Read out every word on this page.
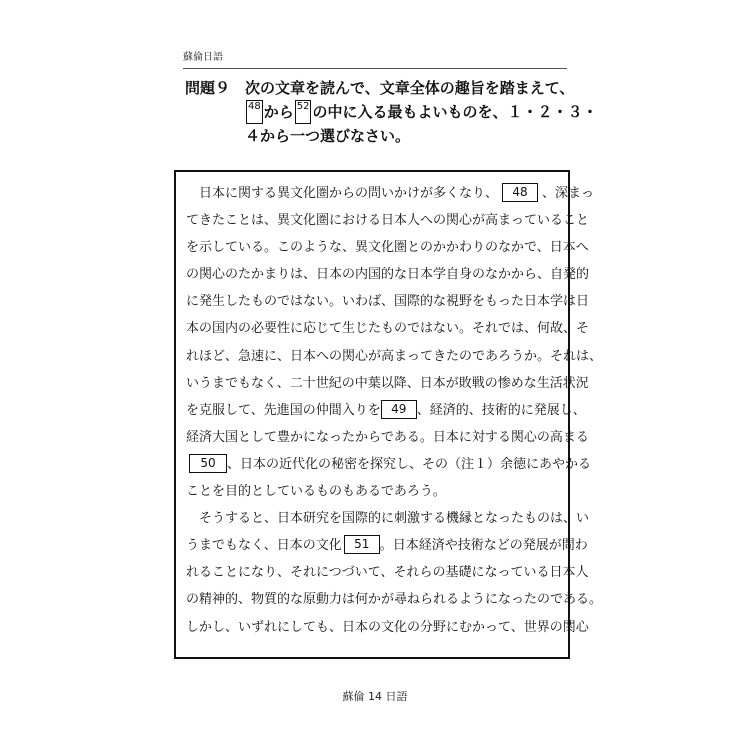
蘇倫日語
問題９ 次の文章を読んで、文章全体の趣旨を踏まえて、
48 から 52 の中に入る最もよいものを、１・２・３・
４から一つ選びなさい。
　日本に関する異文化圏からの問いかけが多くなり、 48 、深まっ
てきたことは、異文化圏における日本人への関心が高まっていること
を示している。このような、異文化圏とのかかわりのなかで、日本へ
の関心のたかまりは、日本の内国的な日本学自身のなかから、自発的
に発生したものではない。いわば、国際的な視野をもった日本学は日
本の国内の必要性に応じて生じたものではない。それでは、何故、そ
れほど、急速に、日本への関心が高まってきたのであろうか。それは、
いうまでもなく、二十世紀の中葉以降、日本が敗戦の惨めな生活状況
を克服して、先進国の仲間入りを 49 、経済的、技術的に発展し、
経済大国として豊かになったからである。日本に対する関心の高まる
50 、日本の近代化の秘密を探究し、その（注１）余徳にあやかる
ことを目的としているものもあるであろう。
　そうすると、日本研究を国際的に刺激する機縁となったものは、い
うまでもなく、日本の文化 51 。日本経済や技術などの発展が問わ
れることになり、それにつづいて、それらの基礎になっている日本人
の精神的、物質的な原動力は何かが尋ねられるようになったのである。
しかし、いずれにしても、日本の文化の分野にむかって、世界の関心
蘇倫 14 日語
